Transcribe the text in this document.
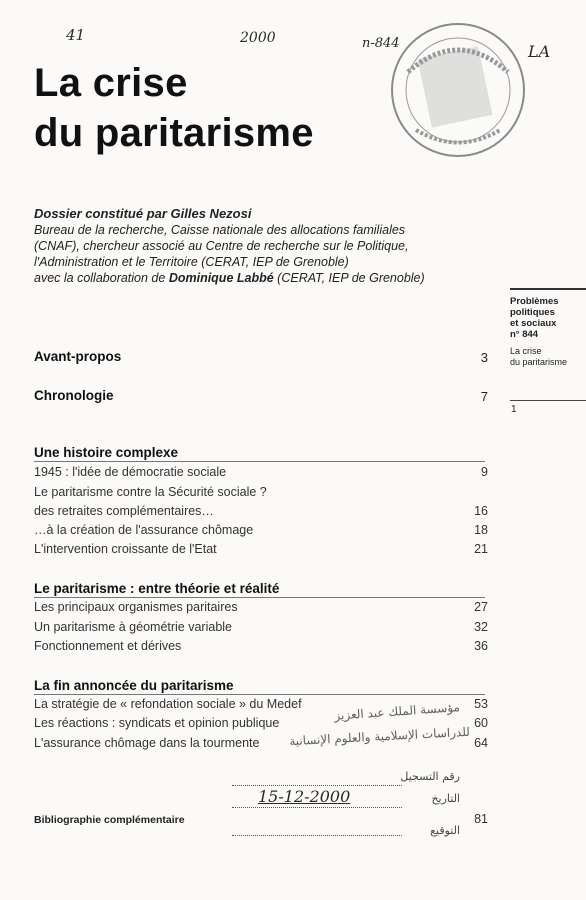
41	2000	n-844	LA
La crise
du paritarisme
Dossier constitué par Gilles Nezosi
Bureau de la recherche, Caisse nationale des allocations familiales
(CNAF), chercheur associé au Centre de recherche sur le Politique,
l'Administration et le Territoire (CERAT, IEP de Grenoble)
avec la collaboration de Dominique Labbé (CERAT, IEP de Grenoble)
Problèmes
politiques
et sociaux
n° 844
La crise
du paritarisme
1
Avant-propos	3
Chronologie	7
Une histoire complexe
1945 : l'idée de démocratie sociale	9
Le paritarisme contre la Sécurité sociale ?
des retraites complémentaires…	16
…à la création de l'assurance chômage	18
L'intervention croissante de l'Etat	21
Le paritarisme : entre théorie et réalité
Les principaux organismes paritaires	27
Un paritarisme à géométrie variable	32
Fonctionnement et dérives	36
La fin annoncée du paritarisme
La stratégie de « refondation sociale » du Medef	53
Les réactions : syndicats et opinion publique	60
L'assurance chômage dans la tourmente	64
مؤسسة الملك عبد العزيز
للدراسات الإسلامية والعلوم الإنسانية
رقم التسجيل
15-12-2000	التاريخ
التوقيع
Bibliographie complémentaire	81
